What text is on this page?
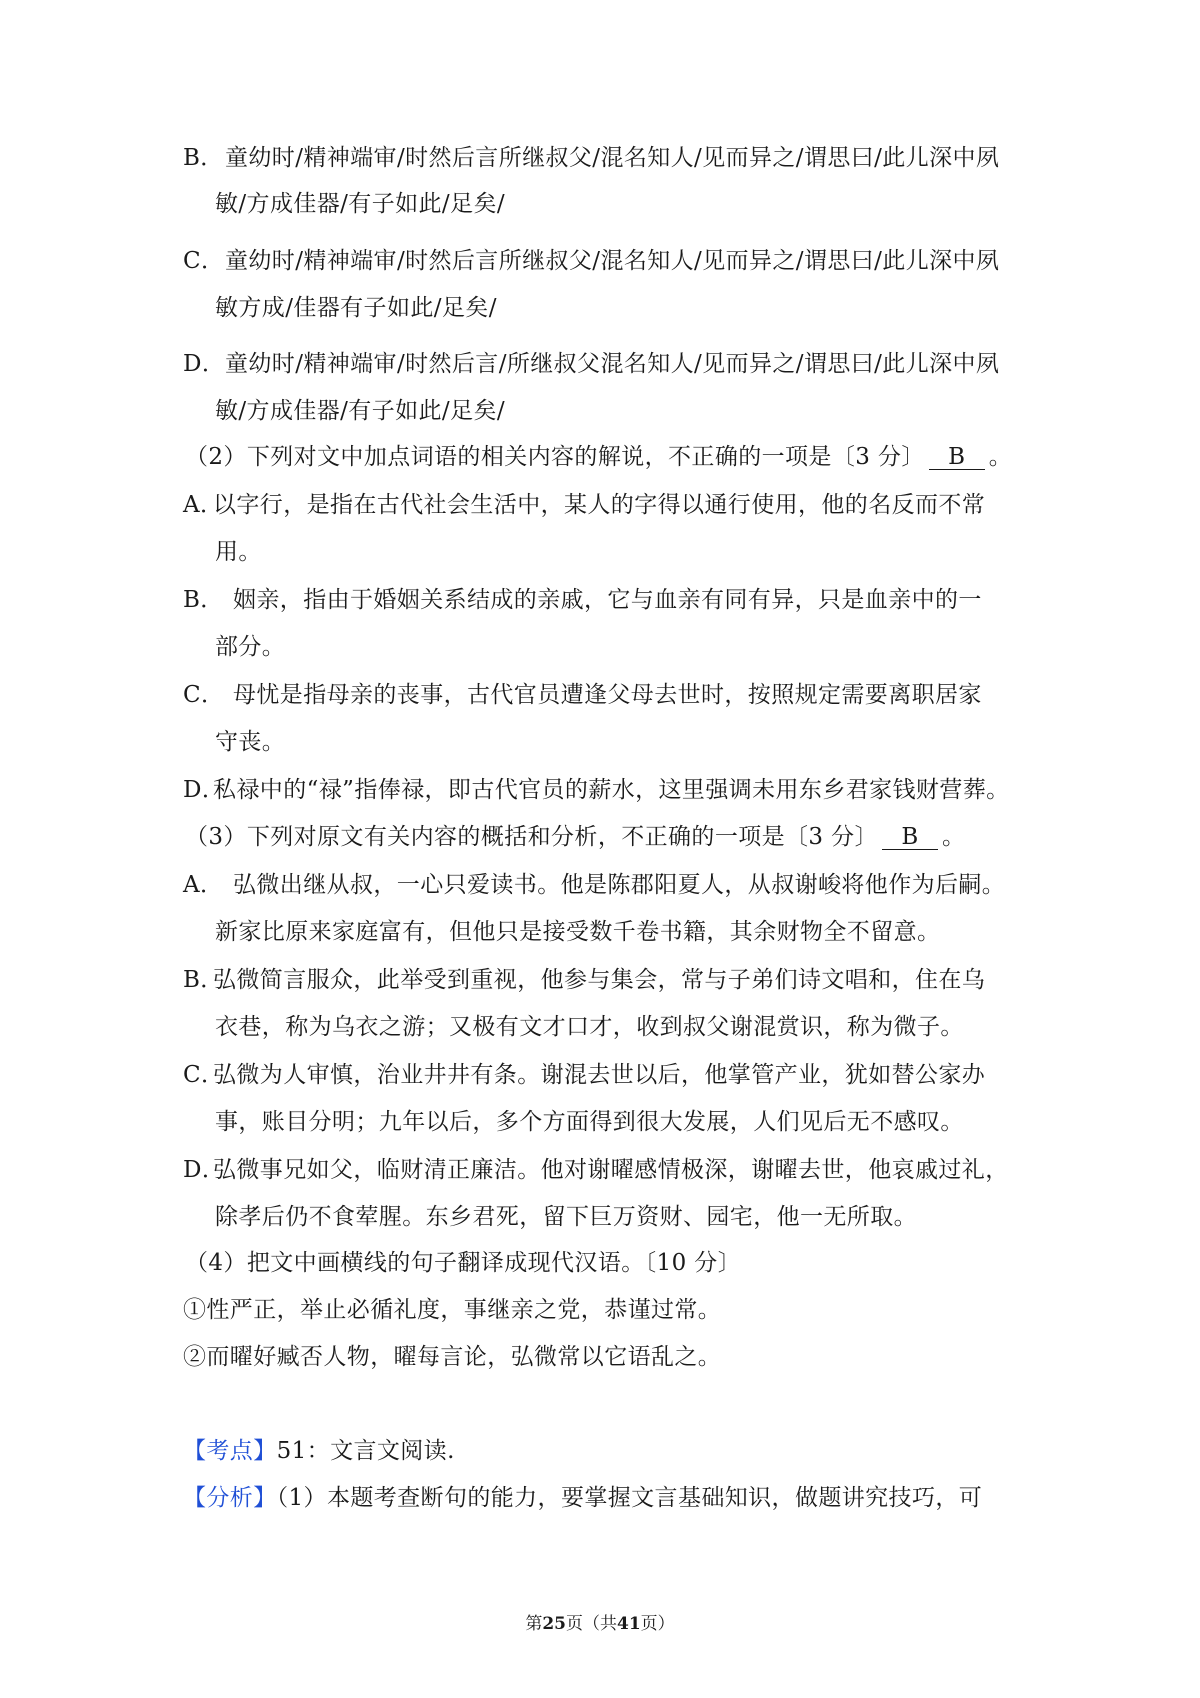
B．童幼时/精神端审/时然后言所继叔父/混名知人/见而异之/谓思曰/此儿深中夙
敏/方成佳器/有子如此/足矣/
C．童幼时/精神端审/时然后言所继叔父/混名知人/见而异之/谓思曰/此儿深中夙
敏方成/佳器有子如此/足矣/
D．童幼时/精神端审/时然后言/所继叔父混名知人/见而异之/谓思曰/此儿深中夙
敏/方成佳器/有子如此/足矣/
（2）下列对文中加点词语的相关内容的解说，不正确的一项是〔3 分〕 B 。
A．以字行，是指在古代社会生活中，某人的字得以通行使用，他的名反而不常
用。
B． 姻亲，指由于婚姻关系结成的亲戚，它与血亲有同有异，只是血亲中的一
部分。
C． 母忧是指母亲的丧事，古代官员遭逢父母去世时，按照规定需要离职居家
守丧。
D．私禄中的“禄”指俸禄，即古代官员的薪水，这里强调未用东乡君家钱财营葬。
（3）下列对原文有关内容的概括和分析，不正确的一项是〔3 分〕 B 。
A． 弘微出继从叔，一心只爱读书。他是陈郡阳夏人，从叔谢峻将他作为后嗣。
新家比原来家庭富有，但他只是接受数千卷书籍，其余财物全不留意。
B．弘微简言服众，此举受到重视，他参与集会，常与子弟们诗文唱和，住在乌
衣巷，称为乌衣之游；又极有文才口才，收到叔父谢混赏识，称为微子。
C．弘微为人审慎，治业井井有条。谢混去世以后，他掌管产业，犹如替公家办
事，账目分明；九年以后，多个方面得到很大发展，人们见后无不感叹。
D．弘微事兄如父，临财清正廉洁。他对谢曜感情极深，谢曜去世，他哀戚过礼，
除孝后仍不食荤腥。东乡君死，留下巨万资财、园宅，他一无所取。
（4）把文中画横线的句子翻译成现代汉语。〔10 分〕
①性严正，举止必循礼度，事继亲之党，恭谨过常。
②而曜好臧否人物，曜每言论，弘微常以它语乱之。
【考点】51：文言文阅读.
【分析】（1）本题考查断句的能力，要掌握文言基础知识，做题讲究技巧，可
第25页（共41页）
